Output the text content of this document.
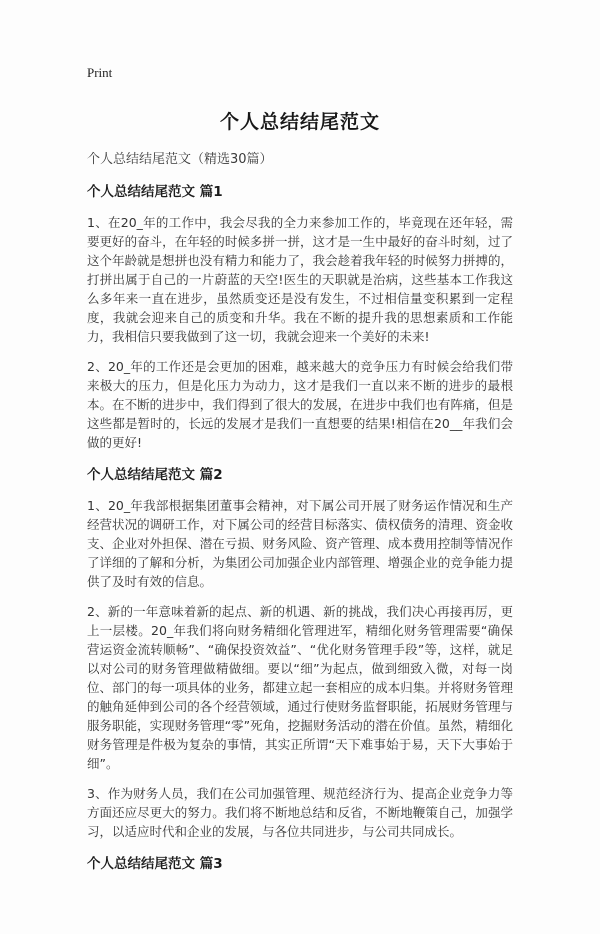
Print
个人总结结尾范文

个人总结结尾范文（精选30篇）

个人总结结尾范文 篇1

1、在20_年的工作中，我会尽我的全力来参加工作的，毕竟现在还年轻，需要更好的奋斗，在年轻的时候多拼一拼，这才是一生中最好的奋斗时刻，过了这个年龄就是想拼也没有精力和能力了，我会趁着我年轻的时候努力拼搏的，打拼出属于自己的一片蔚蓝的天空!医生的天职就是治病，这些基本工作我这么多年来一直在进步，虽然质变还是没有发生，不过相信量变积累到一定程度，我就会迎来自己的质变和升华。我在不断的提升我的思想素质和工作能力，我相信只要我做到了这一切，我就会迎来一个美好的未来!

2、20_年的工作还是会更加的困难，越来越大的竞争压力有时候会给我们带来极大的压力，但是化压力为动力，这才是我们一直以来不断的进步的最根本。在不断的进步中，我们得到了很大的发展，在进步中我们也有阵痛，但是这些都是暂时的，长远的发展才是我们一直想要的结果!相信在20__年我们会做的更好!

个人总结结尾范文 篇2

1、20_年我部根据集团董事会精神，对下属公司开展了财务运作情况和生产经营状况的调研工作，对下属公司的经营目标落实、债权债务的清理、资金收支、企业对外担保、潜在亏损、财务风险、资产管理、成本费用控制等情况作了详细的了解和分析，为集团公司加强企业内部管理、增强企业的竞争能力提供了及时有效的信息。

2、新的一年意味着新的起点、新的机遇、新的挑战，我们决心再接再厉，更上一层楼。20_年我们将向财务精细化管理进军，精细化财务管理需要“确保营运资金流转顺畅”、“确保投资效益”、“优化财务管理手段”等，这样，就足以对公司的财务管理做精做细。要以“细”为起点，做到细致入微，对每一岗位、部门的每一项具体的业务，都建立起一套相应的成本归集。并将财务管理的触角延伸到公司的各个经营领域，通过行使财务监督职能，拓展财务管理与服务职能，实现财务管理“零”死角，挖掘财务活动的潜在价值。虽然，精细化财务管理是件极为复杂的事情，其实正所谓“天下难事始于易，天下大事始于细”。

3、作为财务人员，我们在公司加强管理、规范经济行为、提高企业竞争力等方面还应尽更大的努力。我们将不断地总结和反省，不断地鞭策自己，加强学习，以适应时代和企业的发展，与各位共同进步，与公司共同成长。

个人总结结尾范文 篇3
